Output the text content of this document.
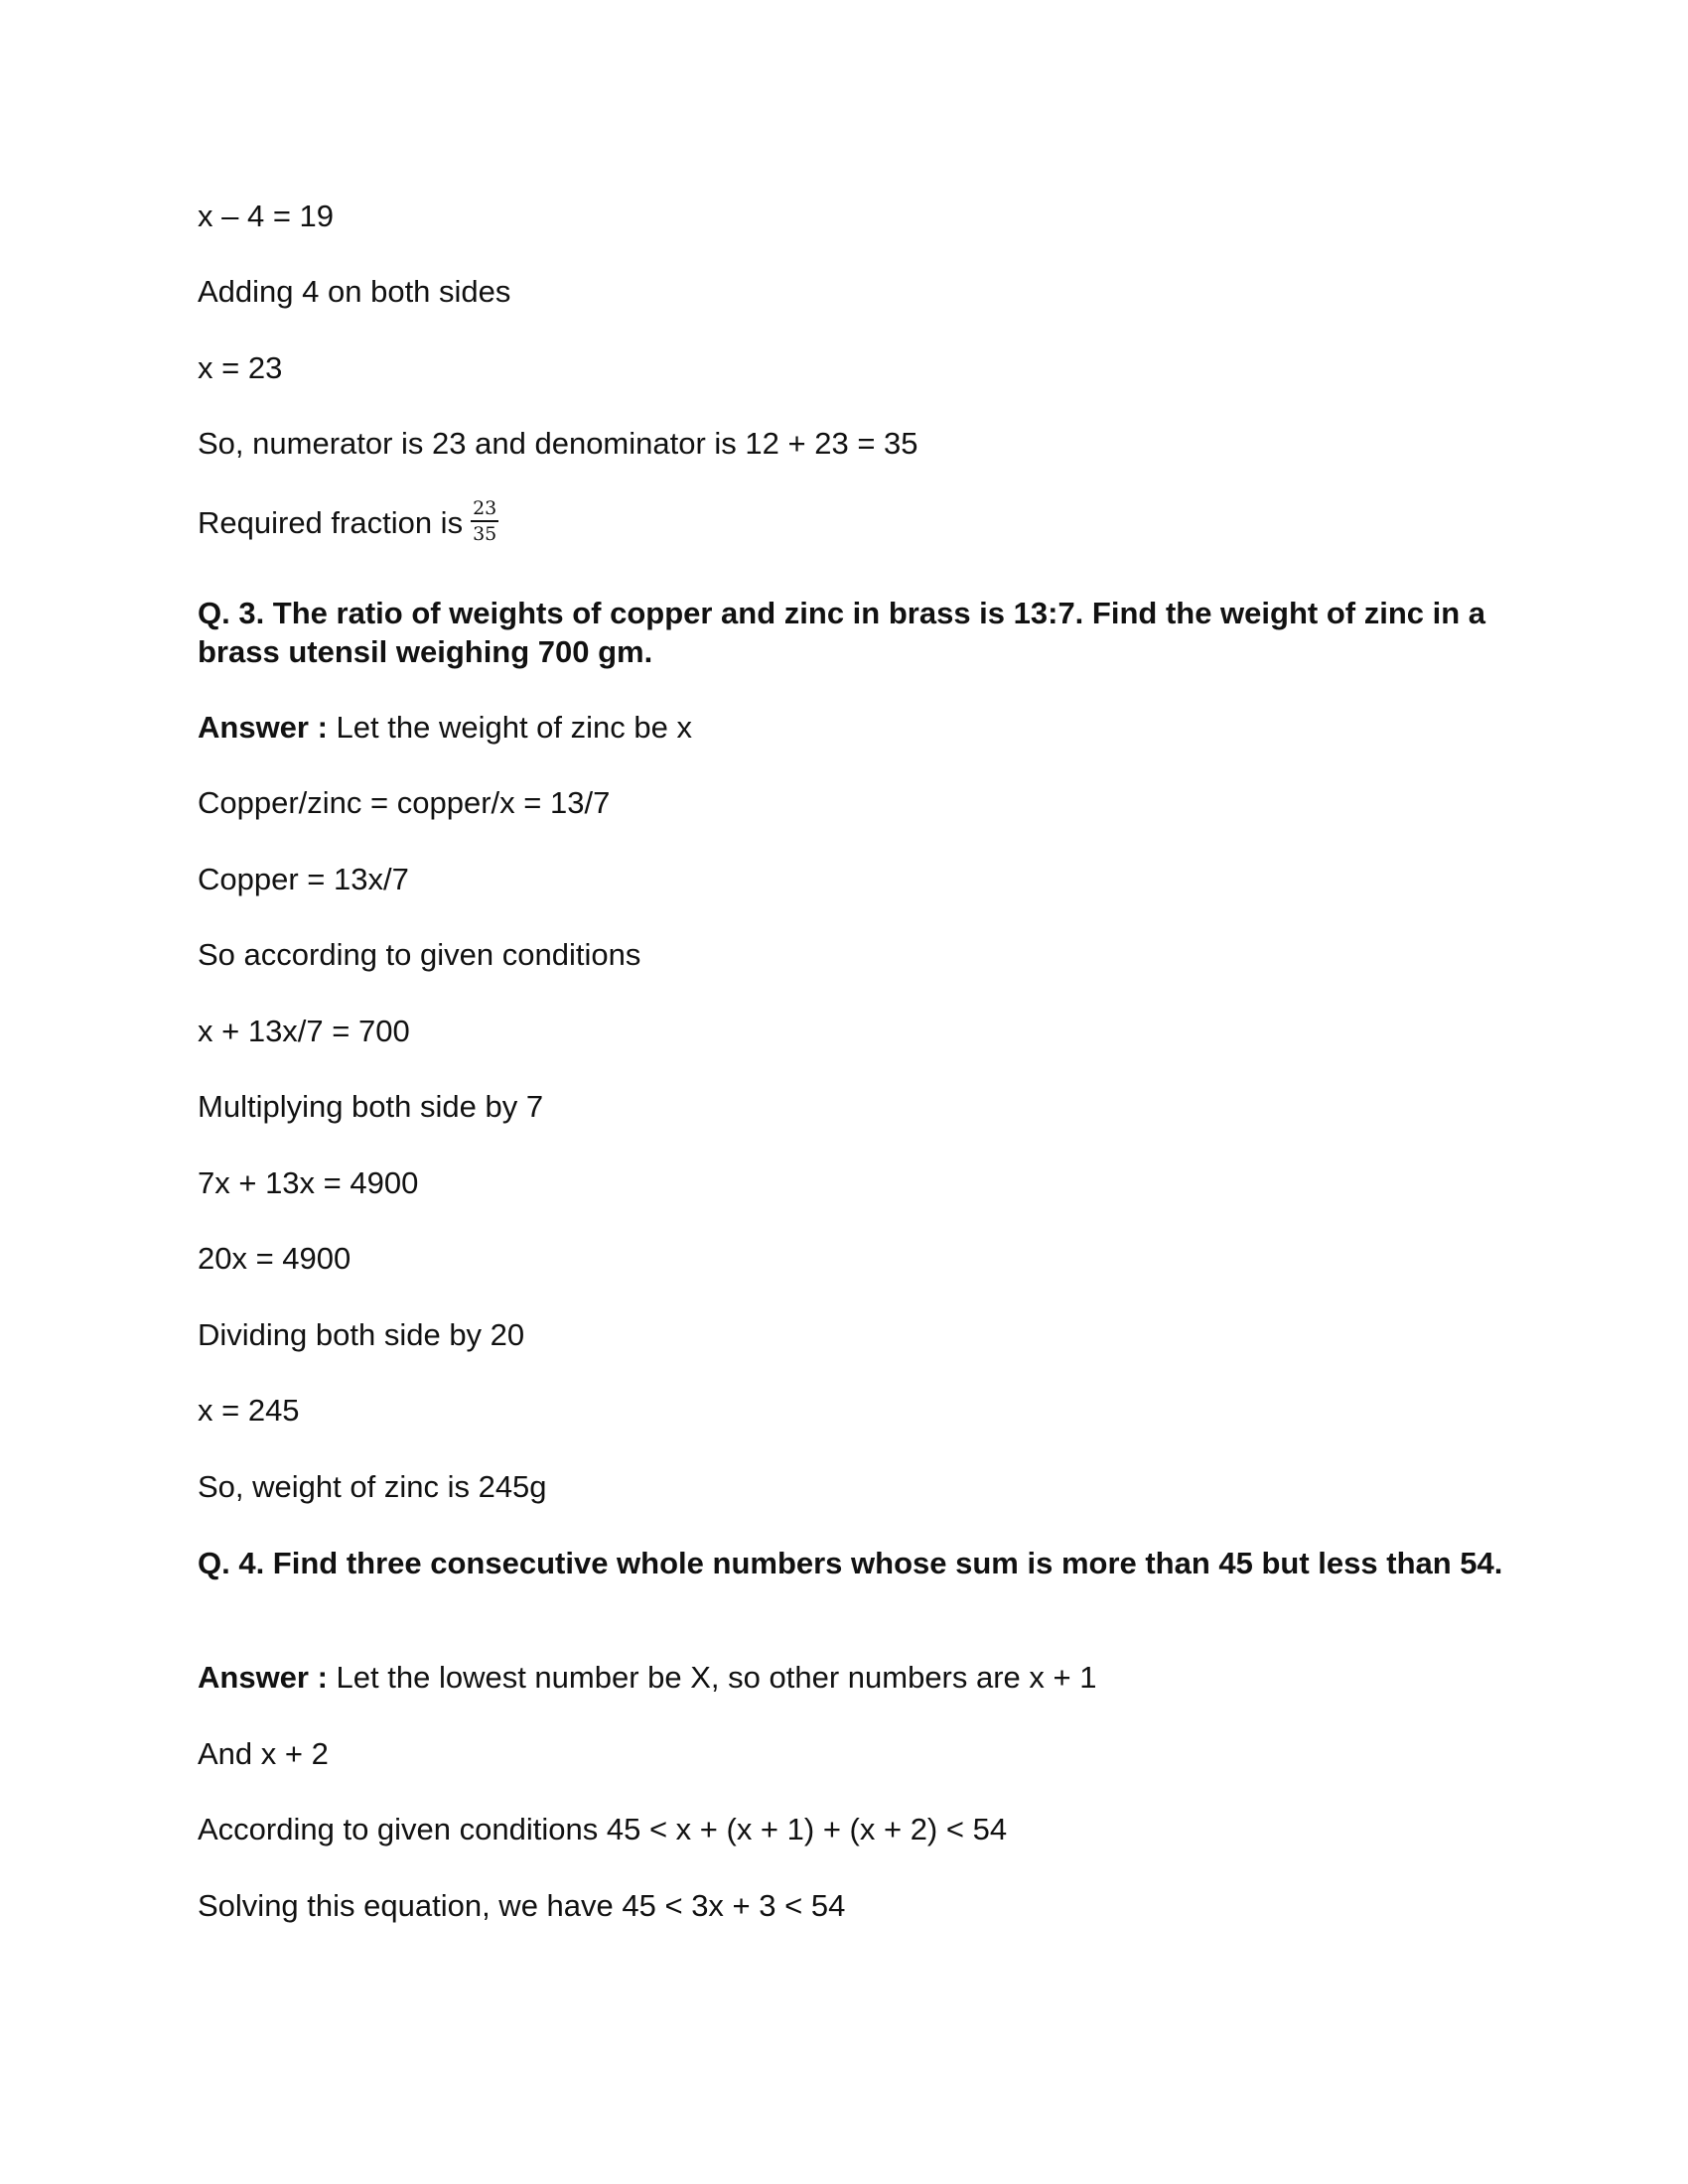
x – 4 = 19
Adding 4 on both sides
x = 23
So, numerator is 23 and denominator is 12 + 23 = 35
Required fraction is $\frac{23}{35}$
Q. 3. The ratio of weights of copper and zinc in brass is 13:7. Find the weight of zinc in a brass utensil weighing 700 gm.
Answer : Let the weight of zinc be x
Copper/zinc = copper/x = 13/7
Copper = 13x/7
So according to given conditions
x + 13x/7 = 700
Multiplying both side by 7
7x + 13x = 4900
20x = 4900
Dividing both side by 20
x = 245
So, weight of zinc is 245g
Q. 4. Find three consecutive whole numbers whose sum is more than 45 but less than 54.
Answer : Let the lowest number be X, so other numbers are x + 1
And x + 2
According to given conditions 45 < x + (x + 1) + (x + 2) < 54
Solving this equation, we have 45 < 3x + 3 < 54
